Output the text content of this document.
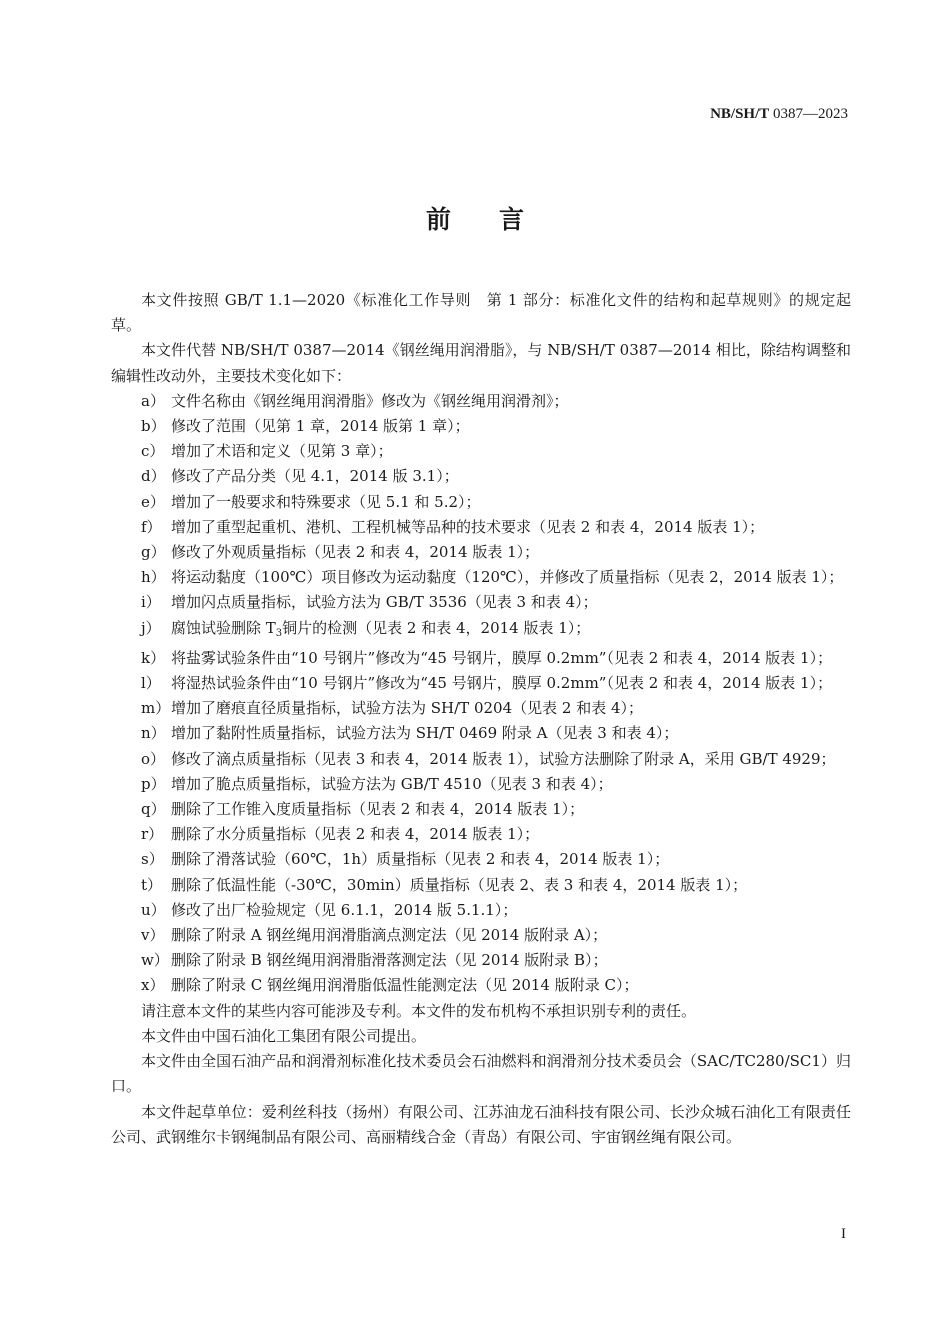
NB/SH/T 0387—2023
前言

本文件按照 GB/T 1.1—2020《标准化工作导则　第 1 部分：标准化文件的结构和起草规则》的规定起草。

本文件代替 NB/SH/T 0387—2014《钢丝绳用润滑脂》，与 NB/SH/T 0387—2014 相比，除结构调整和编辑性改动外，主要技术变化如下：

a） 文件名称由《钢丝绳用润滑脂》修改为《钢丝绳用润滑剂》；
b） 修改了范围（见第 1 章，2014 版第 1 章）；
c） 增加了术语和定义（见第 3 章）；
d） 修改了产品分类（见 4.1，2014 版 3.1）；
e） 增加了一般要求和特殊要求（见 5.1 和 5.2）；
f） 增加了重型起重机、港机、工程机械等品种的技术要求（见表 2 和表 4，2014 版表 1）；
g） 修改了外观质量指标（见表 2 和表 4，2014 版表 1）；
h） 将运动黏度（100℃）项目修改为运动黏度（120℃），并修改了质量指标（见表 2，2014 版表 1）；
i） 增加闪点质量指标，试验方法为 GB/T 3536（见表 3 和表 4）；
j） 腐蚀试验删除 $T_3$铜片的检测（见表 2 和表 4，2014 版表 1）；
k） 将盐雾试验条件由“10 号钢片”修改为“45 号钢片，膜厚 0.2mm”（见表 2 和表 4，2014 版表 1）；
l） 将湿热试验条件由“10 号钢片”修改为“45 号钢片，膜厚 0.2mm”（见表 2 和表 4，2014 版表 1）；
m） 增加了磨痕直径质量指标，试验方法为 SH/T 0204（见表 2 和表 4）；
n） 增加了黏附性质量指标，试验方法为 SH/T 0469 附录 A（见表 3 和表 4）；
o） 修改了滴点质量指标（见表 3 和表 4，2014 版表 1），试验方法删除了附录 A，采用 GB/T 4929；
p） 增加了脆点质量指标，试验方法为 GB/T 4510（见表 3 和表 4）；
q） 删除了工作锥入度质量指标（见表 2 和表 4，2014 版表 1）；
r） 删除了水分质量指标（见表 2 和表 4，2014 版表 1）；
s） 删除了滑落试验（60℃，1h）质量指标（见表 2 和表 4，2014 版表 1）；
t） 删除了低温性能（-30℃，30min）质量指标（见表 2、表 3 和表 4，2014 版表 1）；
u） 修改了出厂检验规定（见 6.1.1，2014 版 5.1.1）；
v） 删除了附录 A 钢丝绳用润滑脂滴点测定法（见 2014 版附录 A）；
w） 删除了附录 B 钢丝绳用润滑脂滑落测定法（见 2014 版附录 B）；
x） 删除了附录 C 钢丝绳用润滑脂低温性能测定法（见 2014 版附录 C）；

请注意本文件的某些内容可能涉及专利。本文件的发布机构不承担识别专利的责任。

本文件由中国石油化工集团有限公司提出。

本文件由全国石油产品和润滑剂标准化技术委员会石油燃料和润滑剂分技术委员会（SAC/TC280/SC1）归口。

本文件起草单位：爱利丝科技（扬州）有限公司、江苏油龙石油科技有限公司、长沙众城石油化工有限责任公司、武钢维尔卡钢绳制品有限公司、高丽精线合金（青岛）有限公司、宇宙钢丝绳有限公司。

I
